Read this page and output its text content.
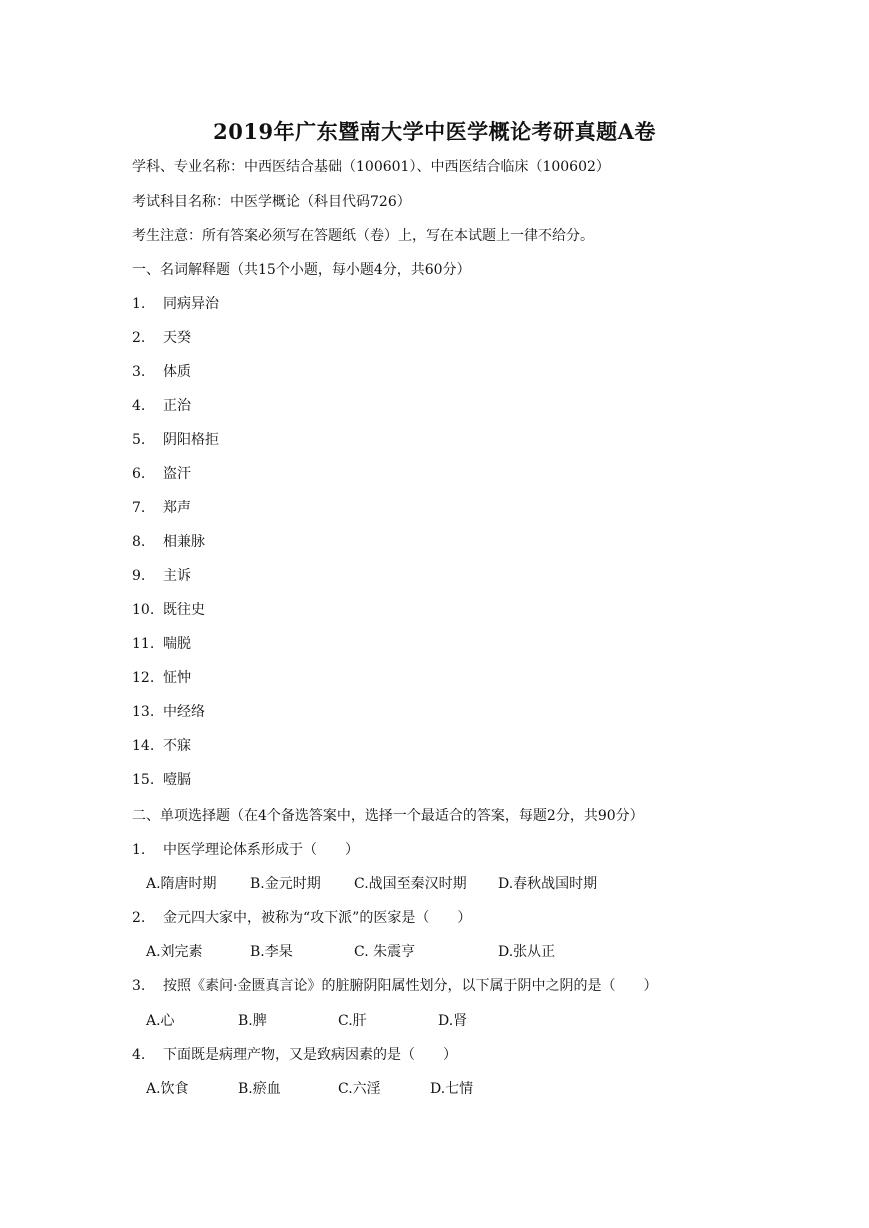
2019年广东暨南大学中医学概论考研真题A卷
学科、专业名称：中西医结合基础（100601）、中西医结合临床（100602）
考试科目名称：中医学概论（科目代码726）
考生注意：所有答案必须写在答题纸（卷）上，写在本试题上一律不给分。
一、名词解释题（共15个小题，每小题4分，共60分）
1. 同病异治
2. 天癸
3. 体质
4. 正治
5. 阴阳格拒
6. 盗汗
7. 郑声
8. 相兼脉
9. 主诉
10. 既往史
11. 喘脱
12. 怔忡
13. 中经络
14. 不寐
15. 噎膈
二、单项选择题（在4个备选答案中，选择一个最适合的答案，每题2分，共90分）
1. 中医学理论体系形成于（　　）
A.隋唐时期 B.金元时期 C.战国至秦汉时期 D.春秋战国时期
2. 金元四大家中，被称为“攻下派”的医家是（　　）
A.刘完素	B.李杲	C. 朱震亨	D.张从正
3. 按照《素问·金匮真言论》的脏腑阴阳属性划分，以下属于阴中之阴的是（　　）
A.心	B.脾	C.肝	D.肾
4. 下面既是病理产物，又是致病因素的是（　　）
A.饮食	B.瘀血	C.六淫	D.七情
